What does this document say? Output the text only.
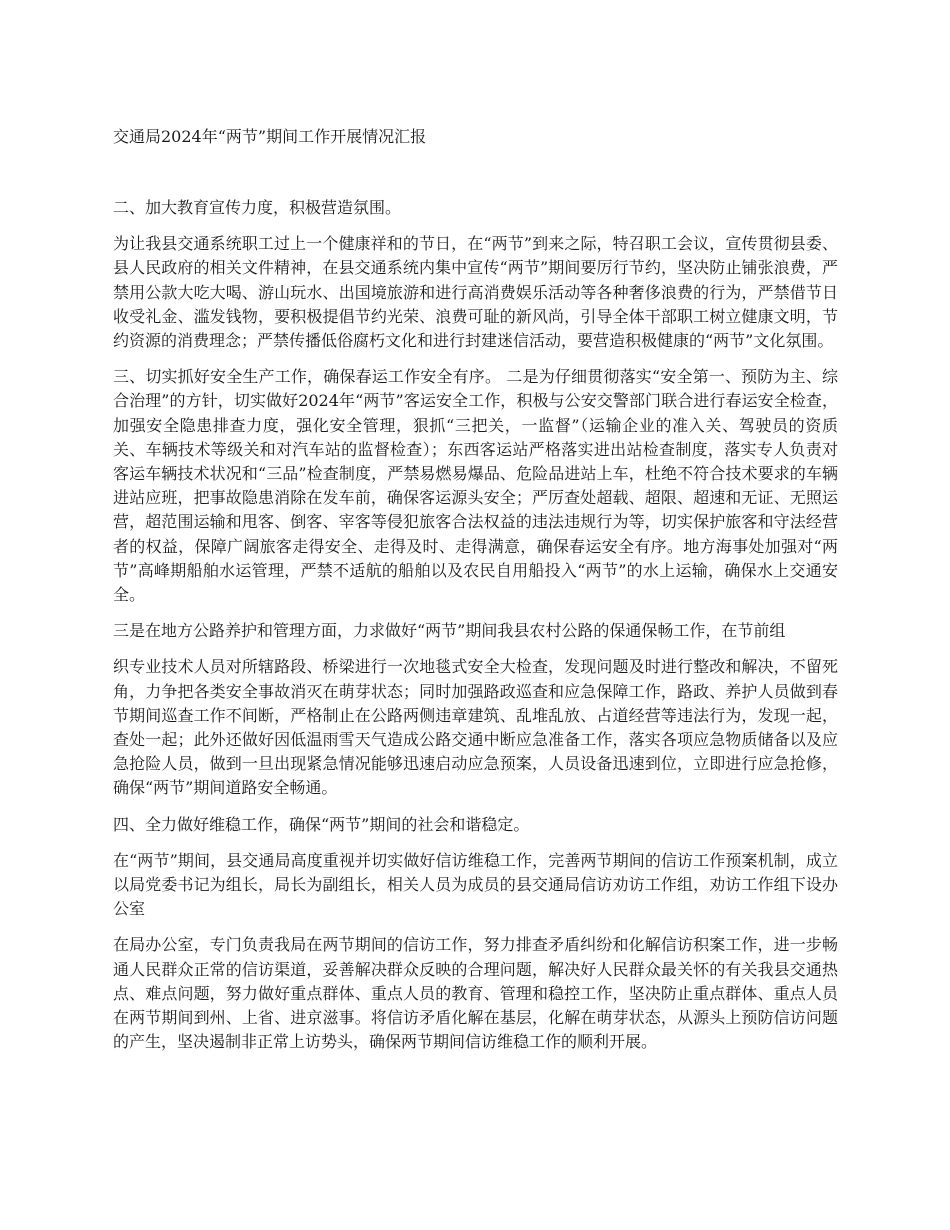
交通局2024年“两节”期间工作开展情况汇报

二、加大教育宣传力度，积极营造氛围。

为让我县交通系统职工过上一个健康祥和的节日，在“两节”到来之际，特召职工会议，宣传贯彻县委、县人民政府的相关文件精神，在县交通系统内集中宣传“两节”期间要厉行节约，坚决防止铺张浪费，严禁用公款大吃大喝、游山玩水、出国境旅游和进行高消费娱乐活动等各种奢侈浪费的行为，严禁借节日收受礼金、滥发钱物，要积极提倡节约光荣、浪费可耻的新风尚，引导全体干部职工树立健康文明，节约资源的消费理念；严禁传播低俗腐朽文化和进行封建迷信活动，要营造积极健康的“两节”文化氛围。

三、切实抓好安全生产工作，确保春运工作安全有序。 二是为仔细贯彻落实“安全第一、预防为主、综合治理”的方针，切实做好2024年“两节”客运安全工作，积极与公安交警部门联合进行春运安全检查，加强安全隐患排查力度，强化安全管理，狠抓“三把关，一监督”（运输企业的准入关、驾驶员的资质关、车辆技术等级关和对汽车站的监督检查）；东西客运站严格落实进出站检查制度，落实专人负责对客运车辆技术状况和“三品”检查制度，严禁易燃易爆品、危险品进站上车，杜绝不符合技术要求的车辆进站应班，把事故隐患消除在发车前，确保客运源头安全；严厉查处超载、超限、超速和无证、无照运营，超范围运输和甩客、倒客、宰客等侵犯旅客合法权益的违法违规行为等，切实保护旅客和守法经营者的权益，保障广阔旅客走得安全、走得及时、走得满意，确保春运安全有序。地方海事处加强对“两节”高峰期船舶水运管理，严禁不适航的船舶以及农民自用船投入“两节”的水上运输，确保水上交通安全。

三是在地方公路养护和管理方面，力求做好“两节”期间我县农村公路的保通保畅工作，在节前组

织专业技术人员对所辖路段、桥梁进行一次地毯式安全大检查，发现问题及时进行整改和解决，不留死角，力争把各类安全事故消灭在萌芽状态；同时加强路政巡查和应急保障工作，路政、养护人员做到春节期间巡查工作不间断，严格制止在公路两侧违章建筑、乱堆乱放、占道经营等违法行为，发现一起，查处一起；此外还做好因低温雨雪天气造成公路交通中断应急准备工作，落实各项应急物质储备以及应急抢险人员，做到一旦出现紧急情况能够迅速启动应急预案，人员设备迅速到位，立即进行应急抢修，确保“两节”期间道路安全畅通。

四、全力做好维稳工作，确保“两节”期间的社会和谐稳定。

在“两节”期间，县交通局高度重视并切实做好信访维稳工作，完善两节期间的信访工作预案机制，成立以局党委书记为组长，局长为副组长，相关人员为成员的县交通局信访劝访工作组，劝访工作组下设办公室

在局办公室，专门负责我局在两节期间的信访工作，努力排查矛盾纠纷和化解信访积案工作，进一步畅通人民群众正常的信访渠道，妥善解决群众反映的合理问题，解决好人民群众最关怀的有关我县交通热点、难点问题，努力做好重点群体、重点人员的教育、管理和稳控工作，坚决防止重点群体、重点人员在两节期间到州、上省、进京滋事。将信访矛盾化解在基层，化解在萌芽状态，从源头上预防信访问题的产生，坚决遏制非正常上访势头，确保两节期间信访维稳工作的顺利开展。
